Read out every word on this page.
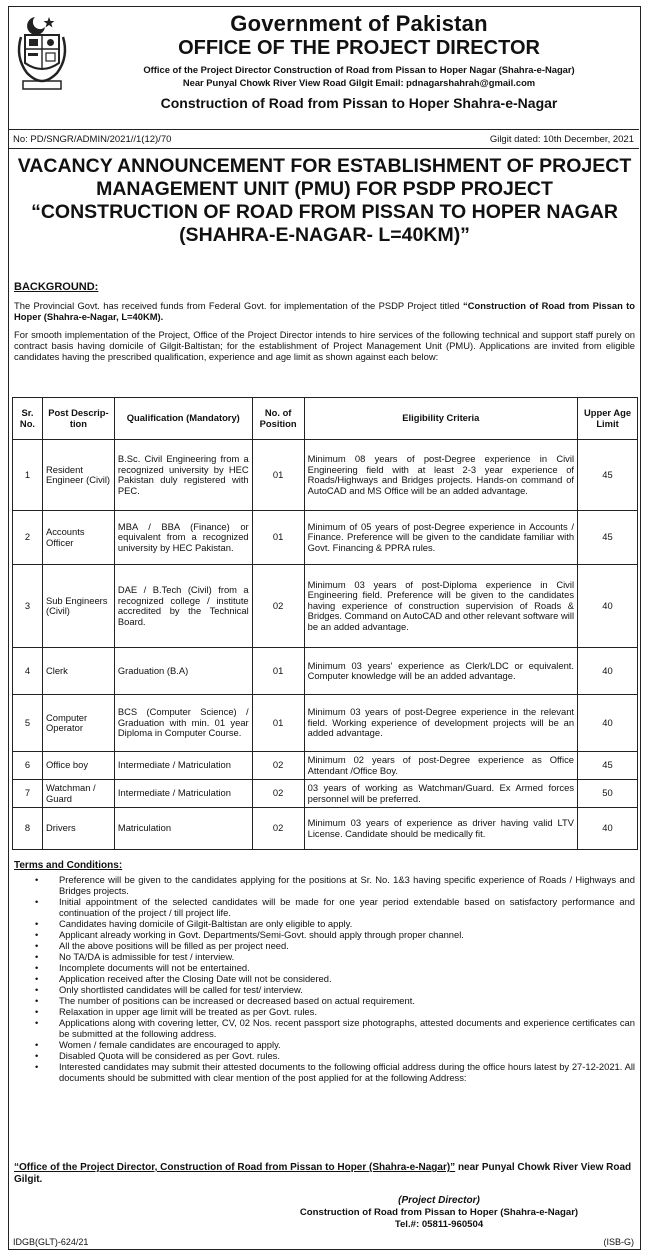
Government of Pakistan
OFFICE OF THE PROJECT DIRECTOR
Office of the Project Director Construction of Road from Pissan to Hoper Nagar (Shahra-e-Nagar)
Near Punyal Chowk River View Road Gilgit Email: pdnagarshahrah@gmail.com
Construction of Road from Pissan to Hoper Shahra-e-Nagar
No: PD/SNGR/ADMIN/2021//1(12)/70	Gilgit dated: 10th December, 2021
VACANCY ANNOUNCEMENT FOR ESTABLISHMENT OF PROJECT MANAGEMENT UNIT (PMU) FOR PSDP PROJECT “CONSTRUCTION OF ROAD FROM PISSAN TO HOPER NAGAR (SHAHRA-E-NAGAR- L=40KM)”
BACKGROUND:
The Provincial Govt. has received funds from Federal Govt. for implementation of the PSDP Project titled “Construction of Road from Pissan to Hoper (Shahra-e-Nagar, L=40KM).
For smooth implementation of the Project, Office of the Project Director intends to hire services of the following technical and support staff purely on contract basis having domicile of Gilgit-Baltistan; for the establishment of Project Management Unit (PMU). Applications are invited from eligible candidates having the prescribed qualification, experience and age limit as shown against each below:
Sr. No.	Post Descrip-tion	Qualification (Mandatory)	No. of Position	Eligibility Criteria	Upper Age Limit
1	Resident Engineer (Civil)	B.Sc. Civil Engineering from a recognized university by HEC Pakistan duly registered with PEC.	01	Minimum 08 years of post-Degree experience in Civil Engineering field with at least 2-3 year experience of Roads/Highways and Bridges projects. Hands-on command of AutoCAD and MS Office will be an added advantage.	45
2	Accounts Officer	MBA / BBA (Finance) or equivalent from a recognized university by HEC Pakistan.	01	Minimum of 05 years of post-Degree experience in Accounts / Finance. Preference will be given to the candidate familiar with Govt. Financing & PPRA rules.	45
3	Sub Engineers (Civil)	DAE / B.Tech (Civil) from a recognized college / institute accredited by the Technical Board.	02	Minimum 03 years of post-Diploma experience in Civil Engineering field. Preference will be given to the candidates having experience of construction supervision of Roads & Bridges. Command on AutoCAD and other relevant software will be an added advantage.	40
4	Clerk	Graduation (B.A)	01	Minimum 03 years' experience as Clerk/LDC or equivalent. Computer knowledge will be an added advantage.	40
5	Computer Operator	BCS (Computer Science) / Graduation with min. 01 year Diploma in Computer Course.	01	Minimum 03 years of post-Degree experience in the relevant field. Working experience of development projects will be an added advantage.	40
6	Office boy	Intermediate / Matriculation	02	Minimum 02 years of post-Degree experience as Office Attendant /Office Boy.	45
7	Watchman / Guard	Intermediate / Matriculation	02	03 years of working as Watchman/Guard. Ex Armed forces personnel will be preferred.	50
8	Drivers	Matriculation	02	Minimum 03 years of experience as driver having valid LTV License. Candidate should be medically fit.	40
Terms and Conditions:
• Preference will be given to the candidates applying for the positions at Sr. No. 1&3 having specific experience of Roads / Highways and Bridges projects.
• Initial appointment of the selected candidates will be made for one year period extendable based on satisfactory performance and continuation of the project / till project life.
• Candidates having domicile of Gilgit-Baltistan are only eligible to apply.
• Applicant already working in Govt. Departments/Semi-Govt. should apply through proper channel.
• All the above positions will be filled as per project need.
• No TA/DA is admissible for test / interview.
• Incomplete documents will not be entertained.
• Application received after the Closing Date will not be considered.
• Only shortlisted candidates will be called for test/ interview.
• The number of positions can be increased or decreased based on actual requirement.
• Relaxation in upper age limit will be treated as per Govt. rules.
• Applications along with covering letter, CV, 02 Nos. recent passport size photographs, attested documents and experience certificates can be submitted at the following address.
• Women / female candidates are encouraged to apply.
• Disabled Quota will be considered as per Govt. rules.
• Interested candidates may submit their attested documents to the following official address during the office hours latest by 27-12-2021. All documents should be submitted with clear mention of the post applied for at the following Address:
“Office of the Project Director, Construction of Road from Pissan to Hoper (Shahra-e-Nagar)” near Punyal Chowk River View Road Gilgit.
(Project Director)
Construction of Road from Pissan to Hoper (Shahra-e-Nagar)
Tel.#: 05811-960504
IDGB(GLT)-624/21	(ISB-G)
